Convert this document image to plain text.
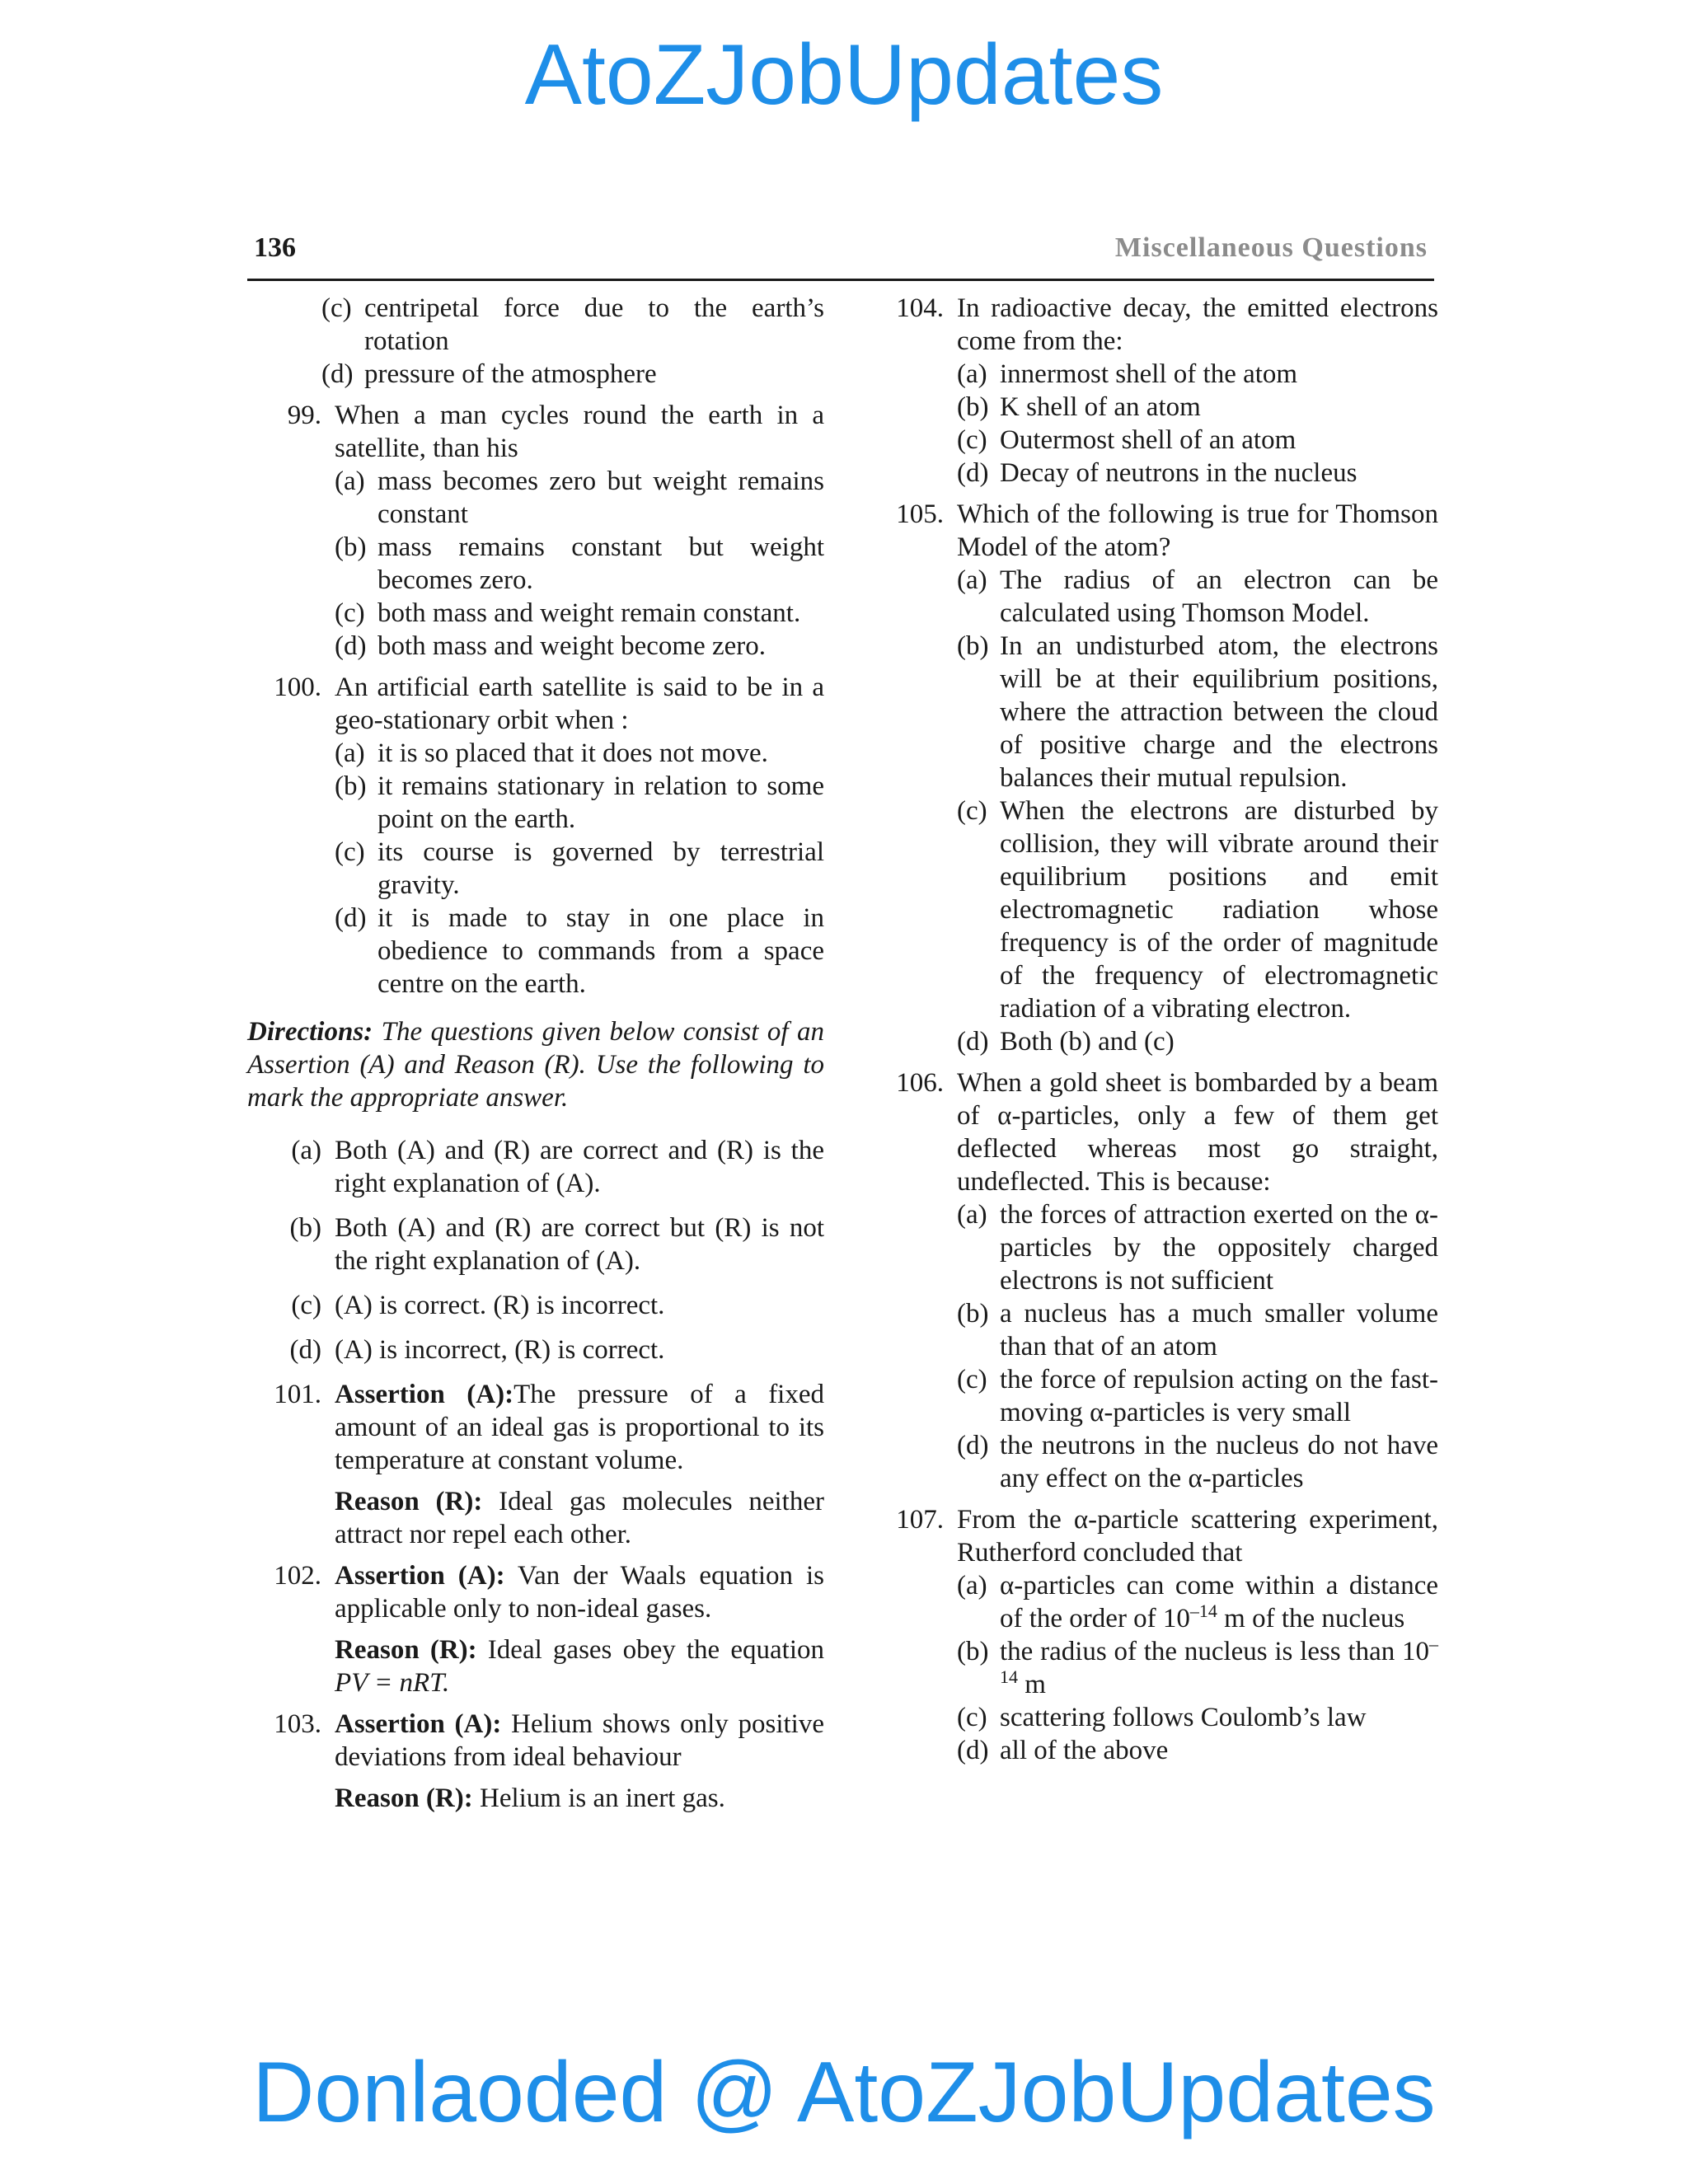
AtoZJobUpdates
136	Miscellaneous Questions
(c) centripetal force due to the earth’s rotation
(d) pressure of the atmosphere
99. When a man cycles round the earth in a satellite, than his
(a) mass becomes zero but weight remains constant
(b) mass remains constant but weight becomes zero.
(c) both mass and weight remain constant.
(d) both mass and weight become zero.
100. An artificial earth satellite is said to be in a geo-stationary orbit when :
(a) it is so placed that it does not move.
(b) it remains stationary in relation to some point on the earth.
(c) its course is governed by terrestrial gravity.
(d) it is made to stay in one place in obedience to commands from a space centre on the earth.
Directions: The questions given below consist of an Assertion (A) and Reason (R). Use the following to mark the appropriate answer.
(a) Both (A) and (R) are correct and (R) is the right explanation of (A).
(b) Both (A) and (R) are correct but (R) is not the right explanation of (A).
(c) (A) is correct. (R) is incorrect.
(d) (A) is incorrect, (R) is correct.
101. Assertion (A):The pressure of a fixed amount of an ideal gas is proportional to its temperature at constant volume.
Reason (R): Ideal gas molecules neither attract nor repel each other.
102. Assertion (A): Van der Waals equation is applicable only to non-ideal gases.
Reason (R): Ideal gases obey the equation PV = nRT.
103. Assertion (A): Helium shows only positive deviations from ideal behaviour
Reason (R): Helium is an inert gas.
104. In radioactive decay, the emitted electrons come from the:
(a) innermost shell of the atom
(b) K shell of an atom
(c) Outermost shell of an atom
(d) Decay of neutrons in the nucleus
105. Which of the following is true for Thomson Model of the atom?
(a) The radius of an electron can be calculated using Thomson Model.
(b) In an undisturbed atom, the electrons will be at their equilibrium positions, where the attraction between the cloud of positive charge and the electrons balances their mutual repulsion.
(c) When the electrons are disturbed by collision, they will vibrate around their equilibrium positions and emit electromagnetic radiation whose frequency is of the order of magnitude of the frequency of electromagnetic radiation of a vibrating electron.
(d) Both (b) and (c)
106. When a gold sheet is bombarded by a beam of α-particles, only a few of them get deflected whereas most go straight, undeflected. This is because:
(a) the forces of attraction exerted on the α-particles by the oppositely charged electrons is not sufficient
(b) a nucleus has a much smaller volume than that of an atom
(c) the force of repulsion acting on the fast-moving α-particles is very small
(d) the neutrons in the nucleus do not have any effect on the α-particles
107. From the α-particle scattering experiment, Rutherford concluded that
(a) α-particles can come within a distance of the order of $10^{-14}$ m of the nucleus
(b) the radius of the nucleus is less than $10^{-14}$ m
(c) scattering follows Coulomb’s law
(d) all of the above
Donlaoded @ AtoZJobUpdates
